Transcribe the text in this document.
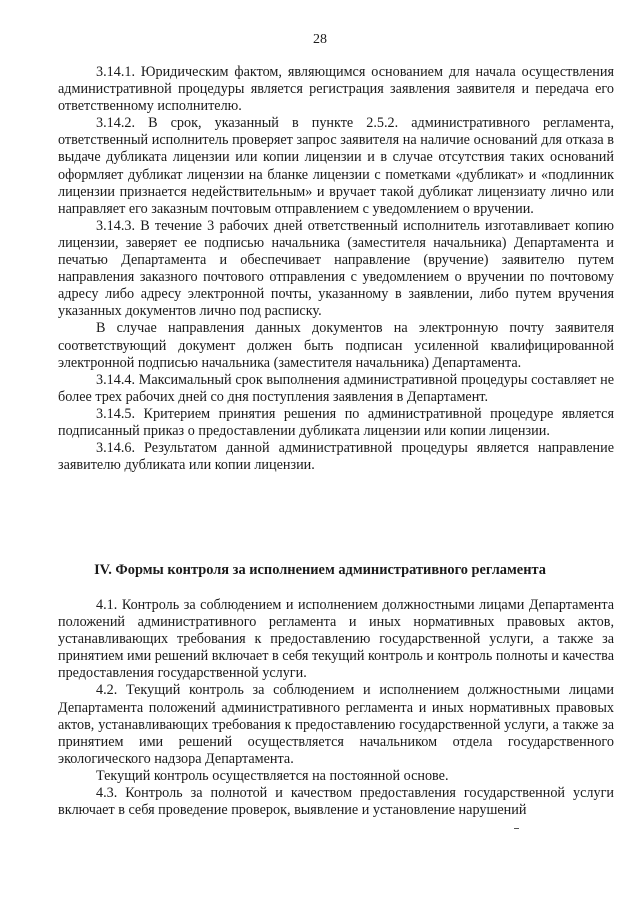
28

3.14.1. Юридическим фактом, являющимся основанием для начала осуществления административной процедуры является регистрация заявления заявителя и передача его ответственному исполнителю.

3.14.2. В срок, указанный в пункте 2.5.2. административного регламента, ответственный исполнитель проверяет запрос заявителя на наличие оснований для отказа в выдаче дубликата лицензии или копии лицензии и в случае отсутствия таких оснований оформляет дубликат лицензии на бланке лицензии с пометками «дубликат» и «подлинник лицензии признается недействительным» и вручает такой дубликат лицензиату лично или направляет его заказным почтовым отправлением с уведомлением о вручении.

3.14.3. В течение 3 рабочих дней ответственный исполнитель изготавливает копию лицензии, заверяет ее подписью начальника (заместителя начальника) Департамента и печатью Департамента и обеспечивает направление (вручение) заявителю путем направления заказного почтового отправления с уведомлением о вручении по почтовому адресу либо адресу электронной почты, указанному в заявлении, либо путем вручения указанных документов лично под расписку.

В случае направления данных документов на электронную почту заявителя соответствующий документ должен быть подписан усиленной квалифицированной электронной подписью начальника (заместителя начальника) Департамента.

3.14.4. Максимальный срок выполнения административной процедуры составляет не более трех рабочих дней со дня поступления заявления в Департамент.

3.14.5. Критерием принятия решения по административной процедуре является подписанный приказ о предоставлении дубликата лицензии или копии лицензии.

3.14.6. Результатом данной административной процедуры является направление заявителю дубликата или копии лицензии.

IV. Формы контроля за исполнением административного регламента

4.1. Контроль за соблюдением и исполнением должностными лицами Департамента положений административного регламента и иных нормативных правовых актов, устанавливающих требования к предоставлению государственной услуги, а также за принятием ими решений включает в себя текущий контроль и контроль полноты и качества предоставления государственной услуги.

4.2. Текущий контроль за соблюдением и исполнением должностными лицами Департамента положений административного регламента и иных нормативных правовых актов, устанавливающих требования к предоставлению государственной услуги, а также за принятием ими решений осуществляется начальником отдела государственного экологического надзора Департамента.

Текущий контроль осуществляется на постоянной основе.

4.3. Контроль за полнотой и качеством предоставления государственной услуги включает в себя проведение проверок, выявление и установление нарушений
